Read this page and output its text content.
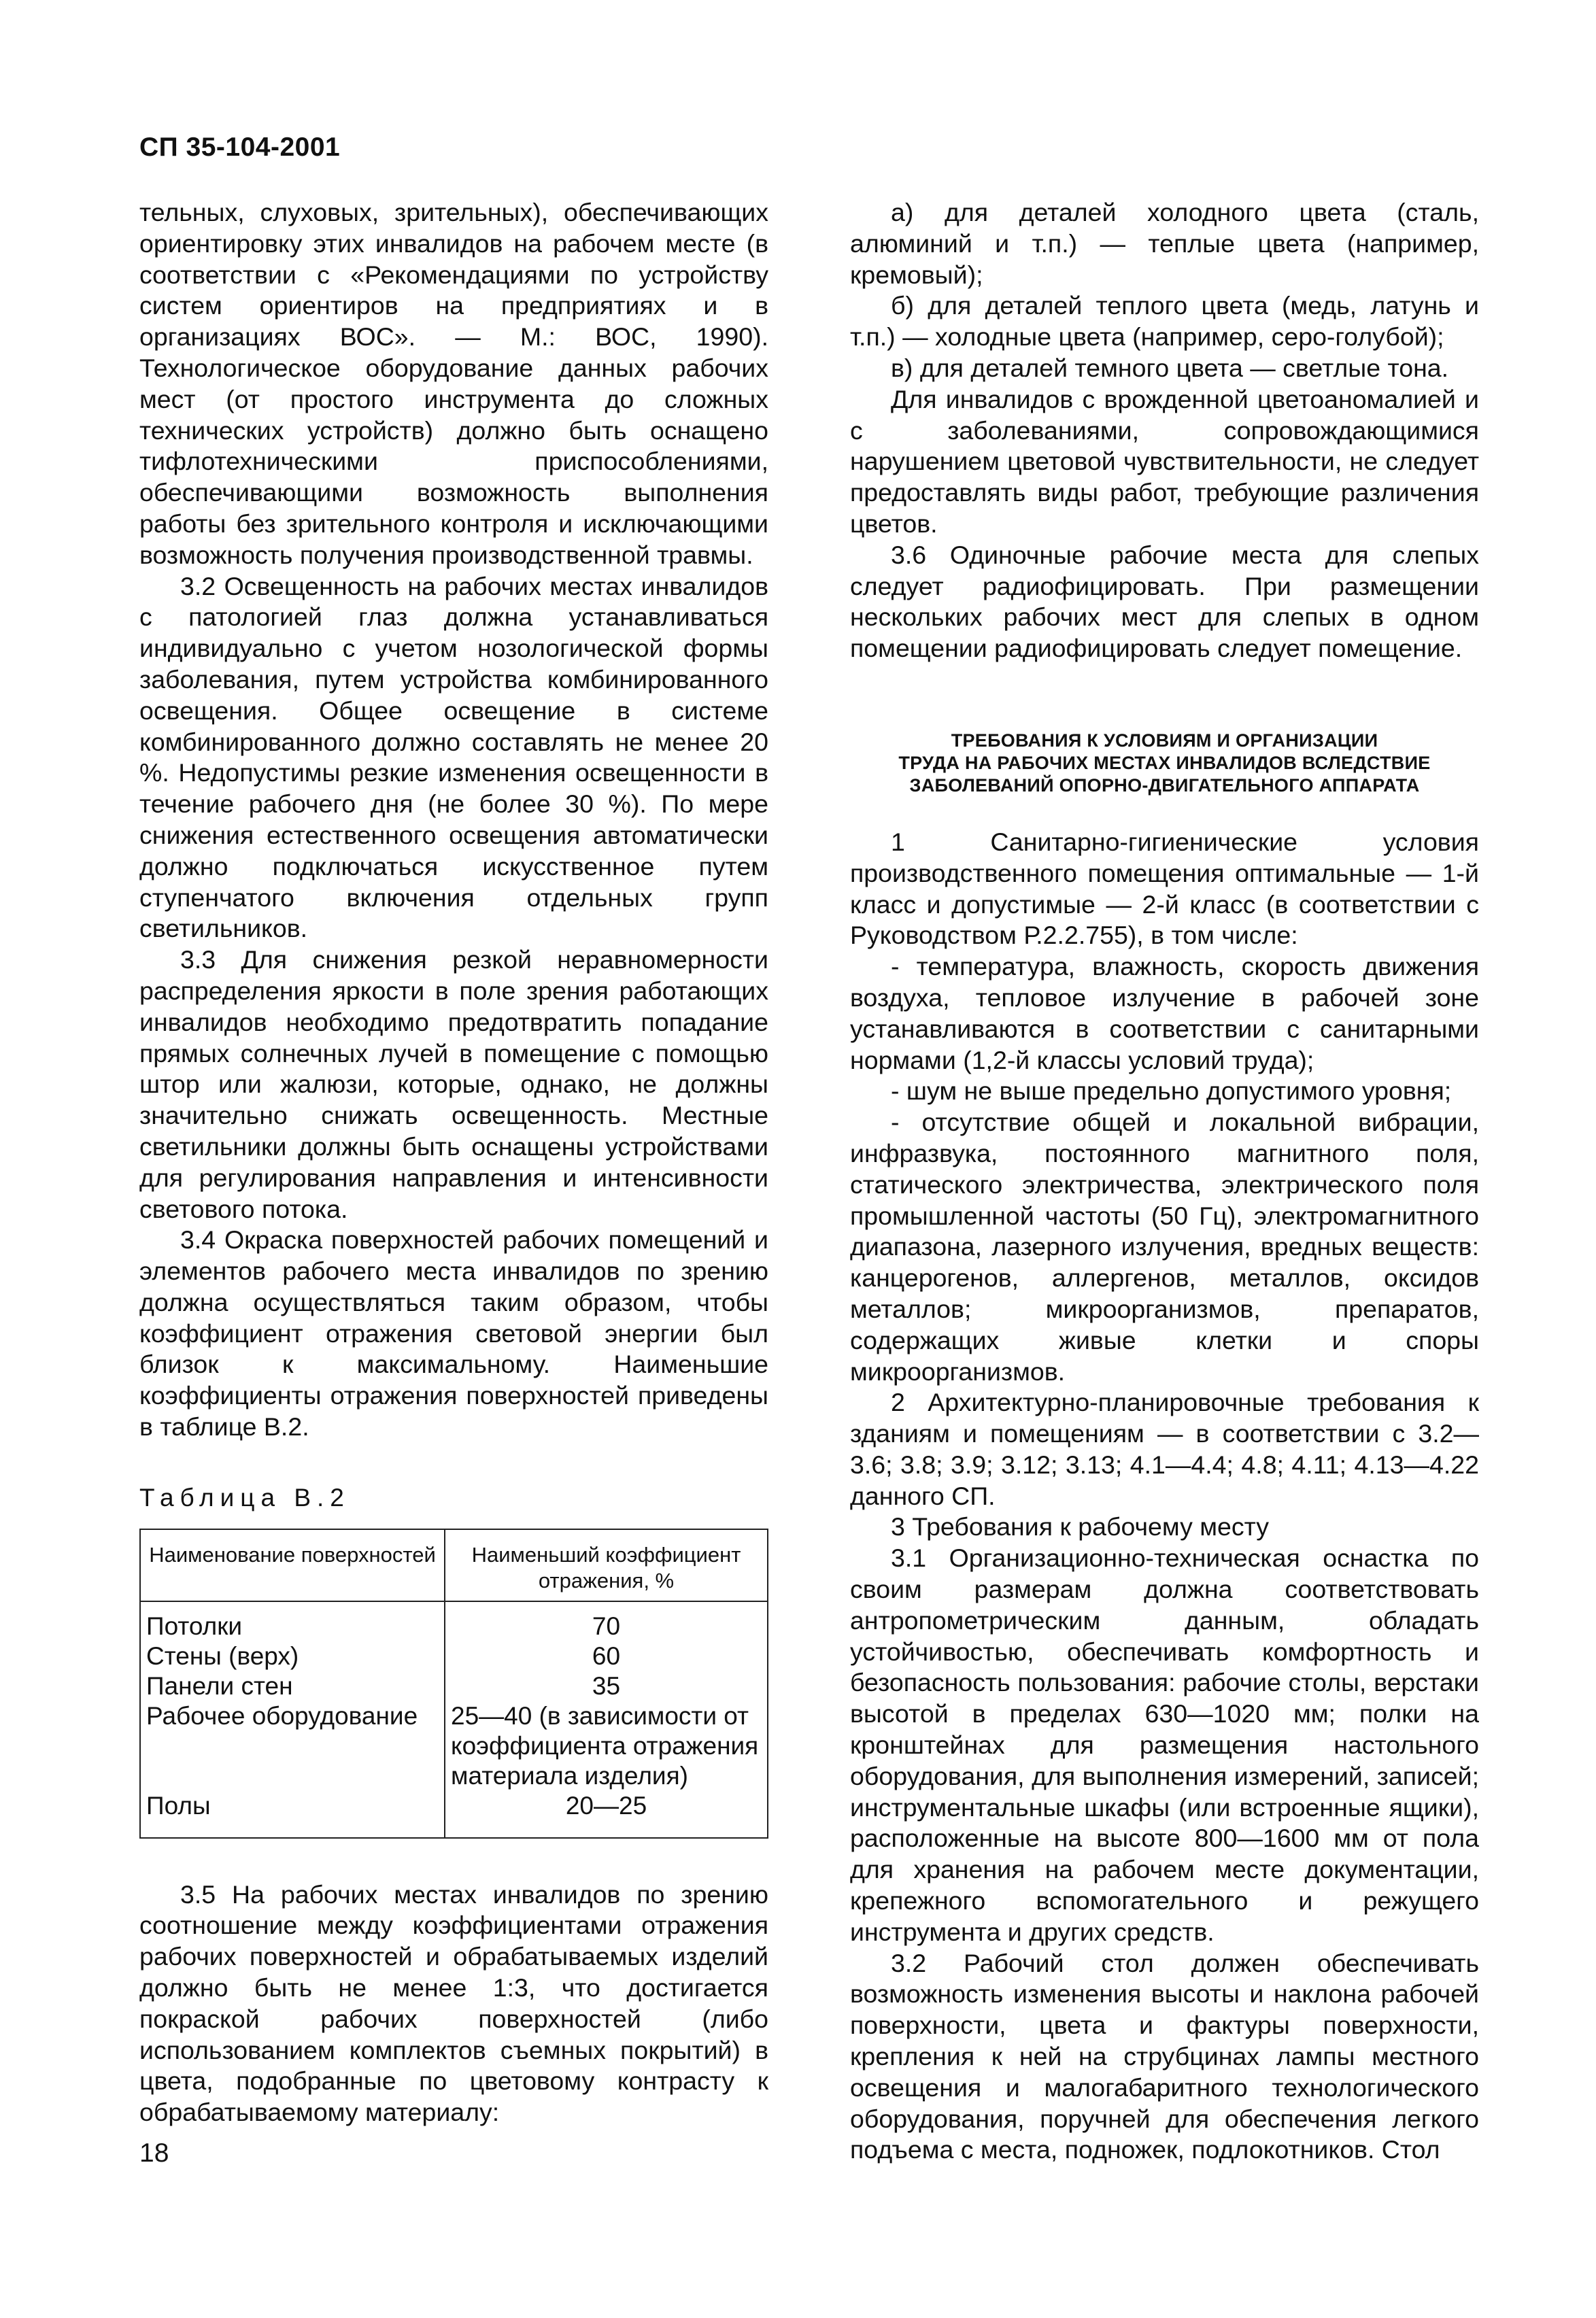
СП 35-104-2001

тельных, слуховых, зрительных), обеспечивающих ориентировку этих инвалидов на рабочем месте (в соответствии с «Рекомендациями по устройству систем ориентиров на предприятиях и в организациях ВОС». — М.: ВОС, 1990). Технологическое оборудование данных рабочих мест (от простого инструмента до сложных технических устройств) должно быть оснащено тифлотехническими приспособлениями, обеспечивающими возможность выполнения работы без зрительного контроля и исключающими возможность получения производственной травмы.

3.2 Освещенность на рабочих местах инвалидов с патологией глаз должна устанавливаться индивидуально с учетом нозологической формы заболевания, путем устройства комбинированного освещения. Общее освещение в системе комбинированного должно составлять не менее 20 %. Недопустимы резкие изменения освещенности в течение рабочего дня (не более 30 %). По мере снижения естественного освещения автоматически должно подключаться искусственное путем ступенчатого включения отдельных групп светильников.

3.3 Для снижения резкой неравномерности распределения яркости в поле зрения работающих инвалидов необходимо предотвратить попадание прямых солнечных лучей в помещение с помощью штор или жалюзи, которые, однако, не должны значительно снижать освещенность. Местные светильники должны быть оснащены устройствами для регулирования направления и интенсивности светового потока.

3.4 Окраска поверхностей рабочих помещений и элементов рабочего места инвалидов по зрению должна осуществляться таким образом, чтобы коэффициент отражения световой энергии был близок к максимальному. Наименьшие коэффициенты отражения поверхностей приведены в таблице В.2.

Таблица В.2
Наименование поверхностей	Наименьший коэффициент отражения, %
Потолки	70
Стены (верх)	60
Панели стен	35
Рабочее оборудование	25—40 (в зависимости от коэффициента отражения материала изделия)
Полы	20—25

3.5 На рабочих местах инвалидов по зрению соотношение между коэффициентами отражения рабочих поверхностей и обрабатываемых изделий должно быть не менее 1:3, что достигается покраской рабочих поверхностей (либо использованием комплектов съемных покрытий) в цвета, подобранные по цветовому контрасту к обрабатываемому материалу:

а) для деталей холодного цвета (сталь, алюминий и т.п.) — теплые цвета (например, кремовый);

б) для деталей теплого цвета (медь, латунь и т.п.) — холодные цвета (например, серо-голубой);

в) для деталей темного цвета — светлые тона.

Для инвалидов с врожденной цветоаномалией и с заболеваниями, сопровождающимися нарушением цветовой чувствительности, не следует предоставлять виды работ, требующие различения цветов.

3.6 Одиночные рабочие места для слепых следует радиофицировать. При размещении нескольких рабочих мест для слепых в одном помещении радиофицировать следует помещение.

ТРЕБОВАНИЯ К УСЛОВИЯМ И ОРГАНИЗАЦИИ
ТРУДА НА РАБОЧИХ МЕСТАХ ИНВАЛИДОВ ВСЛЕДСТВИЕ
ЗАБОЛЕВАНИЙ ОПОРНО-ДВИГАТЕЛЬНОГО АППАРАТА

1 Санитарно-гигиенические условия производственного помещения оптимальные — 1-й класс и допустимые — 2-й класс (в соответствии с Руководством Р.2.2.755), в том числе:

- температура, влажность, скорость движения воздуха, тепловое излучение в рабочей зоне устанавливаются в соответствии с санитарными нормами (1,2-й классы условий труда);

- шум не выше предельно допустимого уровня;

- отсутствие общей и локальной вибрации, инфразвука, постоянного магнитного поля, статического электричества, электрического поля промышленной частоты (50 Гц), электромагнитного диапазона, лазерного излучения, вредных веществ: канцерогенов, аллергенов, металлов, оксидов металлов; микроорганизмов, препаратов, содержащих живые клетки и споры микроорганизмов.

2 Архитектурно-планировочные требования к зданиям и помещениям — в соответствии с 3.2—3.6; 3.8; 3.9; 3.12; 3.13; 4.1—4.4; 4.8; 4.11; 4.13—4.22 данного СП.

3 Требования к рабочему месту

3.1 Организационно-техническая оснастка по своим размерам должна соответствовать антропометрическим данным, обладать устойчивостью, обеспечивать комфортность и безопасность пользования: рабочие столы, верстаки высотой в пределах 630—1020 мм; полки на кронштейнах для размещения настольного оборудования, для выполнения измерений, записей; инструментальные шкафы (или встроенные ящики), расположенные на высоте 800—1600 мм от пола для хранения на рабочем месте документации, крепежного вспомогательного и режущего инструмента и других средств.

3.2 Рабочий стол должен обеспечивать возможность изменения высоты и наклона рабочей поверхности, цвета и фактуры поверхности, крепления к ней на струбцинах лампы местного освещения и малогабаритного технологического оборудования, поручней для обеспечения легкого подъема с места, подножек, подлокотников. Стол

18
